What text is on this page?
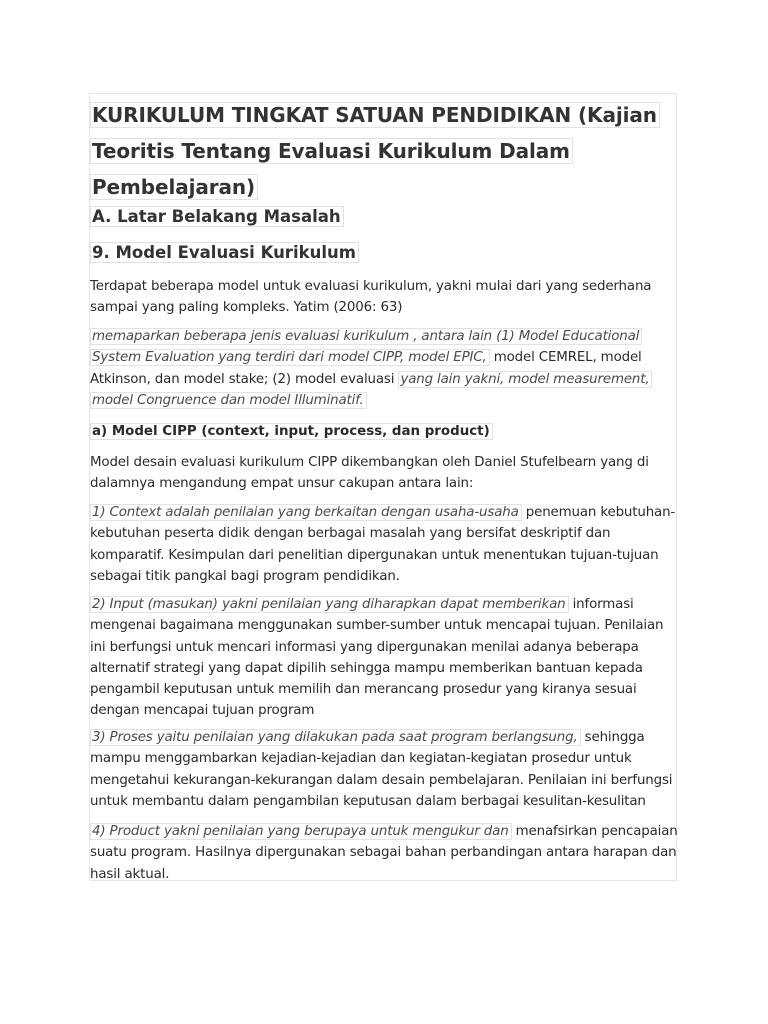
KURIKULUM TINGKAT SATUAN PENDIDIKAN (Kajian Teoritis Tentang Evaluasi Kurikulum Dalam Pembelajaran)
A. Latar Belakang Masalah
9. Model Evaluasi Kurikulum

Terdapat beberapa model untuk evaluasi kurikulum, yakni mulai dari yang sederhana sampai yang paling kompleks. Yatim (2006: 63)

memaparkan beberapa jenis evaluasi kurikulum , antara lain (1) Model Educational System Evaluation yang terdiri dari model CIPP, model EPIC, model CEMREL, model Atkinson, dan model stake; (2) model evaluasi yang lain yakni, model measurement, model Congruence dan model Illuminatif.

a) Model CIPP (context, input, process, dan product)

Model desain evaluasi kurikulum CIPP dikembangkan oleh Daniel Stufelbearn yang di dalamnya mengandung empat unsur cakupan antara lain:

1) Context adalah penilaian yang berkaitan dengan usaha-usaha penemuan kebutuhan-kebutuhan peserta didik dengan berbagai masalah yang bersifat deskriptif dan komparatif. Kesimpulan dari penelitian dipergunakan untuk menentukan tujuan-tujuan sebagai titik pangkal bagi program pendidikan.

2) Input (masukan) yakni penilaian yang diharapkan dapat memberikan informasi mengenai bagaimana menggunakan sumber-sumber untuk mencapai tujuan. Penilaian ini berfungsi untuk mencari informasi yang dipergunakan menilai adanya beberapa alternatif strategi yang dapat dipilih sehingga mampu memberikan bantuan kepada pengambil keputusan untuk memilih dan merancang prosedur yang kiranya sesuai dengan mencapai tujuan program

3) Proses yaitu penilaian yang dilakukan pada saat program berlangsung, sehingga mampu menggambarkan kejadian-kejadian dan kegiatan-kegiatan prosedur untuk mengetahui kekurangan-kekurangan dalam desain pembelajaran. Penilaian ini berfungsi untuk membantu dalam pengambilan keputusan dalam berbagai kesulitan-kesulitan

4) Product yakni penilaian yang berupaya untuk mengukur dan menafsirkan pencapaian suatu program. Hasilnya dipergunakan sebagai bahan perbandingan antara harapan dan hasil aktual.
